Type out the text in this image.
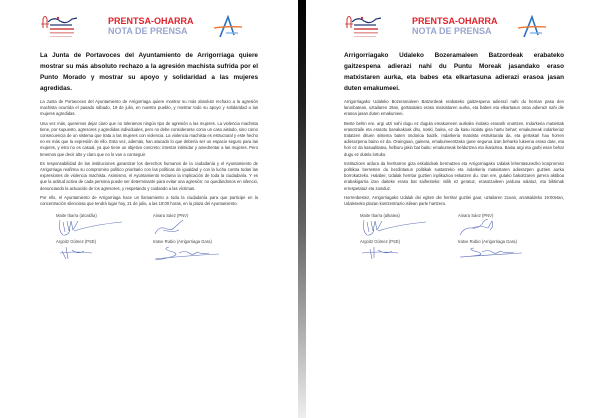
PRENTSA-OHARRA
NOTA DE PRENSA
La Junta de Portavoces del Ayuntamiento de Arrigorriaga quiere mostrar su más absoluto rechazo a la agresión machista sufrida por el Punto Morado y mostrar su apoyo y solidaridad a las mujeres agredidas.

La Junta de Portavoces del Ayuntamiento de Arrigorriaga quiere mostrar su más absoluto rechazo a la agresión machista ocurrida el pasado sábado, 19 de julio, en nuestro pueblo, y mostrar todo su apoyo y solidaridad a las mujeres agredidas.

Una vez más, queremos dejar claro que no toleramos ningún tipo de agresión a las mujeres. La violencia machista tiene, por supuesto, agresores y agredidas individuales, pero no debe considerarse como un caso aislado, sino como consecuencia de un sistema que trata a las mujeres con violencia. La violencia machista es estructural y este hecho no es más que la expresión de ello. Esta vez, además, han atacado lo que debería ser un espacio seguro para las mujeres, y esto no es casual, ya que tiene un objetivo concreto: intentar intimidar y amedrentar a las mujeres. Pero tenemos que decir alto y claro que no lo van a conseguir.

Es responsabilidad de las instituciones garantizar los derechos humanos de la ciudadanía y el Ayuntamiento de Arrigorriaga reafirma su compromiso político prioritario con las políticas de igualdad y con la lucha contra todas las expresiones de violencia machista. Asimismo, el Ayuntamiento reclama la implicación de toda la ciudadanía. Y es que la actitud activa de cada persona puede ser determinante para evitar una agresión: no quedándonos en silencio, denunciando la actuación de los agresores, y respetando y cuidando a las víctimas.

Por ello, el Ayuntamiento de Arrigorriaga hace un llamamiento a toda la ciudadanía para que participe en la concentración silenciosa que tendrá lugar hoy, 21 de julio, a las 19:00 horas, en la plaza del Ayuntamiento.

Maite Ibarra (alcaldía)	Ainara Sáez (PNV)
Argoitz Gómez (PSE)	Iratxe Rubio (Arrigorriaga Gara)
PRENTSA-OHARRA
NOTA DE PRENSA
Arrigorriagako Udaleko Bozeramaleen Batzordeak erabateko gaitzespena adierazi nahi du Puntu Moreak jasandako eraso matxistaren aurka, eta babes eta elkartasuna adierazi erasoa jasan duten emakumeei.

Arrigorriagako Udaleko Bozeramaleen Batzordeak erabateko gaitzespena adierazi nahi du herrian pasa den larunbatean, uztailaren 19an, gertatutako eraso matxistaren aurka, eta babes eta elkartasun osoa adierazi nahi die erasoa jasan duten emakumeei.

Beste behin ere, argi utzi nahi dugu ez dugula emakumeen aurkako inolako erasorik onartzen. Indarkeria matxistak erasotzaile eta erasotu banakakoak ditu, noski, baina, ez da kasu isolatu gisa hartu behar; emakumeak indarkeriaz tratatzen dituen sistema baten ondorioa baizik. Indarkeria matxista estrukturala da, eta gertakari hau horren adierazpena baino ez da. Oraingoan, gainera, emakumeentzako gune segurua izan beharko lukeena eraso dute, eta hori ez da kasualitatea, helburu jakin bat baitu: emakumeak beldurtzea eta ikaraztea. Baina argi eta garbi esan behar dugu ez dutela lortuko.

Instituzioen ardura da herritarron giza eskubideak bermatzea eta Arrigorriagako Udalak lehentasunezko konpromiso politikoa berresten du berdintasun politikak sustatzeko eta indarkeria matxistaren adierazpen guztien aurka borrokatzeko. Halaber, Udalak herritar guztien inplikazioa eskatzen du. Izan ere, gutako bakoitzaren jarrera aktiboa erabakigarria izan daiteke eraso bat saihesteko: isilik ez geratuz, erasotzaileen jarduna salatuz, eta biktimak errespetatuz eta zainduz.

Horrenbestez, Arrigorriagako Udalak dei egiten die herritar guztiei gaur, uztailaren 21ean, arratsaldeko 19:00etan, Udaletxeko plazan kontzentrazio isilean parte hartzera.

Maite Ibarra (alkatea)	Ainara Sáez (PNV)
Argoitz Gómez (PSE)	Iratxe Rubio (Arrigorriaga Gara)
